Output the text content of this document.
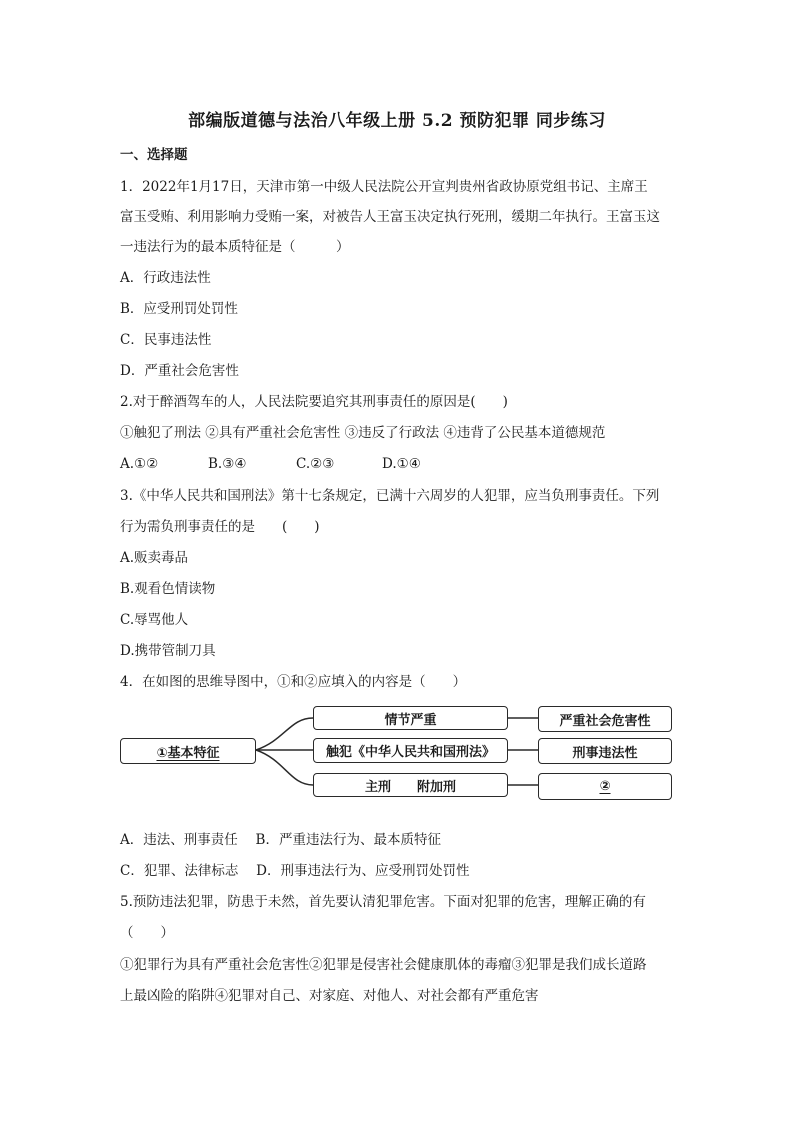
部编版道德与法治八年级上册 5.2 预防犯罪 同步练习
一、选择题
1．2022年1月17日，天津市第一中级人民法院公开宣判贵州省政协原党组书记、主席王
富玉受贿、利用影响力受贿一案，对被告人王富玉决定执行死刑，缓期二年执行。王富玉这
一违法行为的最本质特征是（　　　）
A．行政违法性
B．应受刑罚处罚性
C．民事违法性
D．严重社会危害性
2.对于醉酒驾车的人，人民法院要追究其刑事责任的原因是(　　)
①触犯了刑法 ②具有严重社会危害性 ③违反了行政法 ④违背了公民基本道德规范
A.①②	B.③④	C.②③	D.①④
3.《中华人民共和国刑法》第十七条规定，已满十六周岁的人犯罪，应当负刑事责任。下列
行为需负刑事责任的是　　(　　)
A.贩卖毒品
B.观看色情读物
C.辱骂他人
D.携带管制刀具
4．在如图的思维导图中，①和②应填入的内容是（　　）
①基本特征
情节严重
触犯《中华人民共和国刑法》
主刑　　附加刑
严重社会危害性
刑事违法性
②
A．违法、刑事责任　 B．严重违法行为、最本质特征
C．犯罪、法律标志　 D．刑事违法行为、应受刑罚处罚性
5.预防违法犯罪，防患于未然，首先要认清犯罪危害。下面对犯罪的危害，理解正确的有
（　　）
①犯罪行为具有严重社会危害性②犯罪是侵害社会健康肌体的毒瘤③犯罪是我们成长道路
上最凶险的陷阱④犯罪对自己、对家庭、对他人、对社会都有严重危害
